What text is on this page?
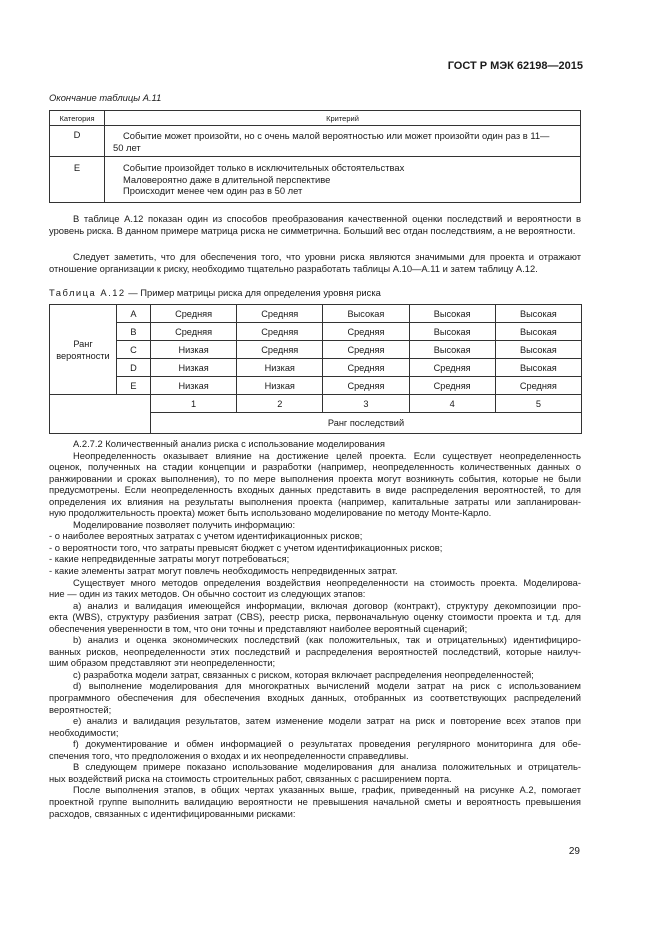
ГОСТ Р МЭК 62198—2015
Окончание таблицы А.11
Категория	Критерий
D	Событие может произойти, но с очень малой вероятностью или может произойти один раз в 11—
50 лет

E	Событие произойдет только в исключительных обстоятельствах
Маловероятно даже в длительной перспективе
Происходит менее чем один раз в 50 лет
В таблице А.12 показан один из способов преобразования качественной оценки последствий и вероятности в уровень риска. В данном примере матрица риска не симметрична. Больший вес отдан последствиям, а не вероятности.
Следует заметить, что для обеспечения того, что уровни риска являются значимыми для проекта и отражают отношение организации к риску, необходимо тщательно разработать таблицы А.10—А.11 и затем таблицу А.12.
Таблица А.12 — Пример матрицы риска для определения уровня риска
Ранг
вероятности	A	Средняя	Средняя	Высокая	Высокая	Высокая
	B	Средняя	Средняя	Средняя	Высокая	Высокая
	C	Низкая	Средняя	Средняя	Высокая	Высокая
	D	Низкая	Низкая	Средняя	Средняя	Высокая
	E	Низкая	Низкая	Средняя	Средняя	Средняя
		1	2	3	4	5
		Ранг последствий				
А.2.7.2 Количественный анализ риска с использование моделирования
Неопределенность оказывает влияние на достижение целей проекта. Если существует неопределенность
оценок, полученных на стадии концепции и разработки (например, неопределенность количественных данных о
ранжировании и сроках выполнения), то по мере выполнения проекта могут возникнуть события, которые не были
предусмотрены. Если неопределенность входных данных представить в виде распределения вероятностей, то для
определения их влияния на результаты выполнения проекта (например, капитальные затраты или запланирован-
ную продолжительность проекта) может быть использовано моделирование по методу Монте-Карло.
Моделирование позволяет получить информацию:
- о наиболее вероятных затратах с учетом идентификационных рисков;
- о вероятности того, что затраты превысят бюджет с учетом идентификационных рисков;
- какие непредвиденные затраты могут потребоваться;
- какие элементы затрат могут повлечь необходимость непредвиденных затрат.
Существует много методов определения воздействия неопределенности на стоимость проекта. Моделирова-
ние — один из таких методов. Он обычно состоит из следующих этапов:
а) анализ и валидация имеющейся информации, включая договор (контракт), структуру декомпозиции про-
екта (WBS), структуру разбиения затрат (CBS), реестр риска, первоначальную оценку стоимости проекта и т.д. для
обеспечения уверенности в том, что они точны и представляют наиболее вероятный сценарий;
b) анализ и оценка экономических последствий (как положительных, так и отрицательных) идентифициро-
ванных рисков, неопределенности этих последствий и распределения вероятностей последствий, которые наилуч-
шим образом представляют эти неопределенности;
c) разработка модели затрат, связанных с риском, которая включает распределения неопределенностей;
d) выполнение моделирования для многократных вычислений модели затрат на риск с использованием
программного обеспечения для обеспечения входных данных, отобранных из соответствующих распределений
вероятностей;
e) анализ и валидация результатов, затем изменение модели затрат на риск и повторение всех этапов при
необходимости;
f) документирование и обмен информацией о результатах проведения регулярного мониторинга для обе-
спечения того, что предположения о входах и их неопределенности справедливы.
В следующем примере показано использование моделирования для анализа положительных и отрицатель-
ных воздействий риска на стоимость строительных работ, связанных с расширением порта.
После выполнения этапов, в общих чертах указанных выше, график, приведенный на рисунке А.2, помогает
проектной группе выполнить валидацию вероятности не превышения начальной сметы и вероятность превышения
расходов, связанных с идентифицированными рисками:
29
